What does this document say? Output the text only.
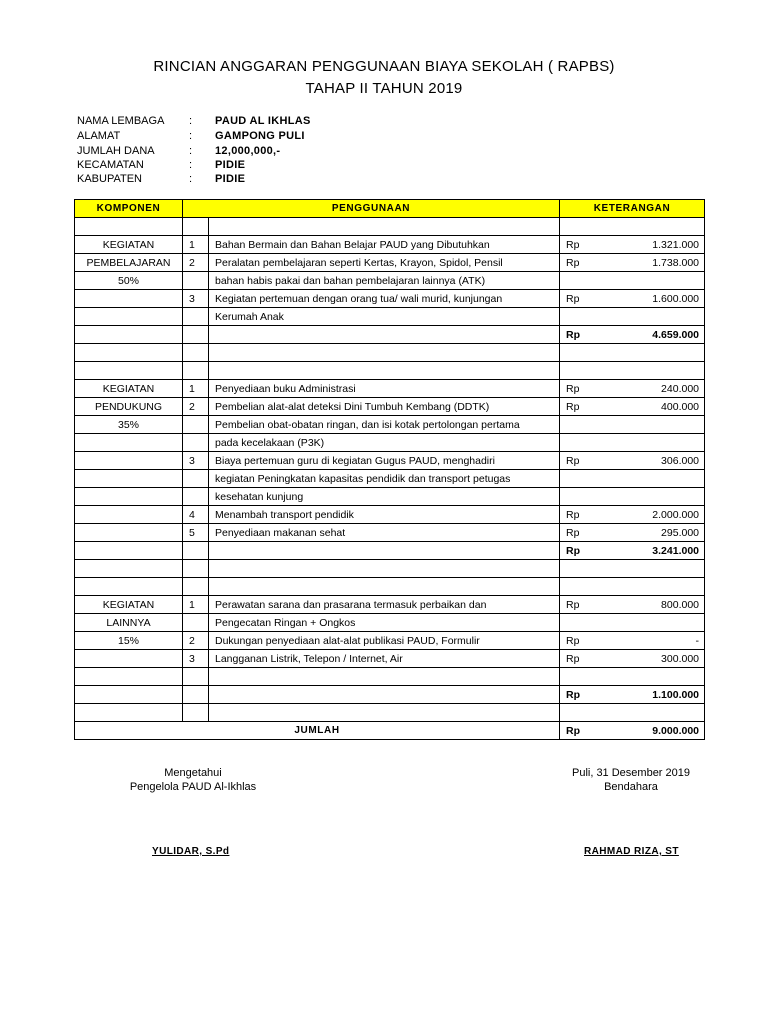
RINCIAN ANGGARAN PENGGUNAAN BIAYA SEKOLAH ( RAPBS)
TAHAP II TAHUN 2019
NAMA LEMBAGA : PAUD AL IKHLAS
ALAMAT	: GAMPONG PULI
JUMLAH DANA	: 12,000,000,-
KECAMATAN	: PIDIE
KABUPATEN	: PIDIE
KOMPONEN	PENGGUNAAN		KETERANGAN	

KEGIATAN	1	Bahan Bermain dan Bahan Belajar PAUD yang Dibutuhkan	Rp	1.321.000
PEMBELAJARAN	2	Peralatan pembelajaran seperti Kertas, Krayon, Spidol, Pensil	Rp	1.738.000
50%		bahan habis pakai dan bahan pembelajaran lainnya (ATK)		
	3	Kegiatan pertemuan dengan orang tua/ wali murid, kunjungan	Rp	1.600.000
		Kerumah Anak		
			Rp	4.659.000

KEGIATAN	1	Penyediaan buku Administrasi	Rp	240.000
PENDUKUNG	2	Pembelian alat-alat deteksi Dini Tumbuh Kembang (DDTK)	Rp	400.000
35%		Pembelian obat-obatan ringan, dan isi kotak pertolongan pertama		
		pada kecelakaan (P3K)		
	3	Biaya pertemuan guru di kegiatan Gugus PAUD, menghadiri	Rp	306.000
		kegiatan Peningkatan kapasitas pendidik dan transport petugas		
		kesehatan kunjung		
	4	Menambah transport pendidik	Rp	2.000.000
	5	Penyediaan makanan sehat	Rp	295.000
			Rp	3.241.000

KEGIATAN	1	Perawatan sarana dan prasarana termasuk perbaikan dan	Rp	800.000
LAINNYA		Pengecatan Ringan + Ongkos		
15%	2	Dukungan penyediaan alat-alat publikasi PAUD, Formulir	Rp	-
	3	Langganan Listrik, Telepon / Internet, Air	Rp	300.000

			Rp	1.100.000

JUMLAH			Rp	9.000.000
Mengetahui
Pengelola PAUD Al-Ikhlas
YULIDAR, S.Pd
Puli, 31 Desember 2019
Bendahara
RAHMAD RIZA, ST
